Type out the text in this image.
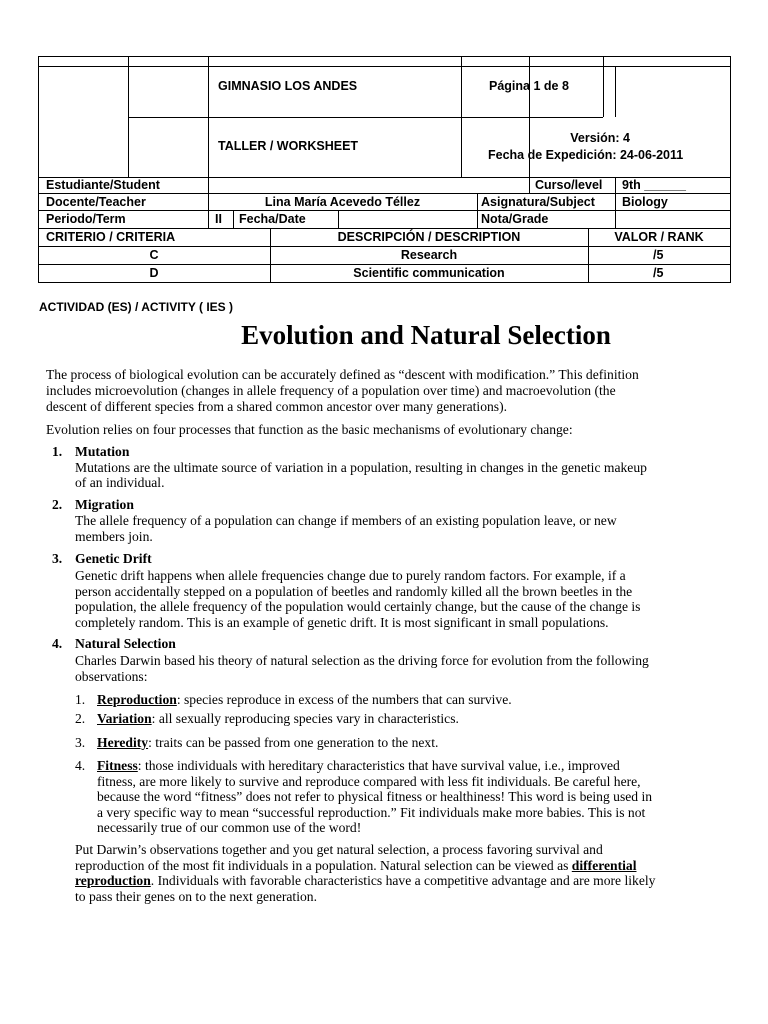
GIMNASIO LOS ANDES	Página 1 de 8
TALLER / WORKSHEET
Versión: 4
Fecha de Expedición: 24-06-2011
Estudiante/Student	Curso/level 9th ______
Docente/Teacher	Lina María Acevedo Téllez	Asignatura/Subject Biology
Periodo/Term	II Fecha/Date	Nota/Grade
CRITERIO / CRITERIA	DESCRIPCIÓN / DESCRIPTION	VALOR / RANK
C	Research	/5
D	Scientific communication	/5
ACTIVIDAD (ES) / ACTIVITY ( IES )
Evolution and Natural Selection
The process of biological evolution can be accurately defined as “descent with modification.” This definition
includes microevolution (changes in allele frequency of a population over time) and macroevolution (the
descent of different species from a shared common ancestor over many generations).
Evolution relies on four processes that function as the basic mechanisms of evolutionary change:
1. Mutation
Mutations are the ultimate source of variation in a population, resulting in changes in the genetic makeup
of an individual.
2. Migration
The allele frequency of a population can change if members of an existing population leave, or new
members join.
3. Genetic Drift
Genetic drift happens when allele frequencies change due to purely random factors. For example, if a
person accidentally stepped on a population of beetles and randomly killed all the brown beetles in the
population, the allele frequency of the population would certainly change, but the cause of the change is
completely random. This is an example of genetic drift. It is most significant in small populations.
4. Natural Selection
Charles Darwin based his theory of natural selection as the driving force for evolution from the following
observations:
1. Reproduction: species reproduce in excess of the numbers that can survive.
2. Variation: all sexually reproducing species vary in characteristics.
3. Heredity: traits can be passed from one generation to the next.
4. Fitness: those individuals with hereditary characteristics that have survival value, i.e., improved
fitness, are more likely to survive and reproduce compared with less fit individuals. Be careful here,
because the word “fitness” does not refer to physical fitness or healthiness! This word is being used in
a very specific way to mean “successful reproduction.” Fit individuals make more babies. This is not
necessarily true of our common use of the word!
Put Darwin’s observations together and you get natural selection, a process favoring survival and
reproduction of the most fit individuals in a population. Natural selection can be viewed as differential
reproduction. Individuals with favorable characteristics have a competitive advantage and are more likely
to pass their genes on to the next generation.
